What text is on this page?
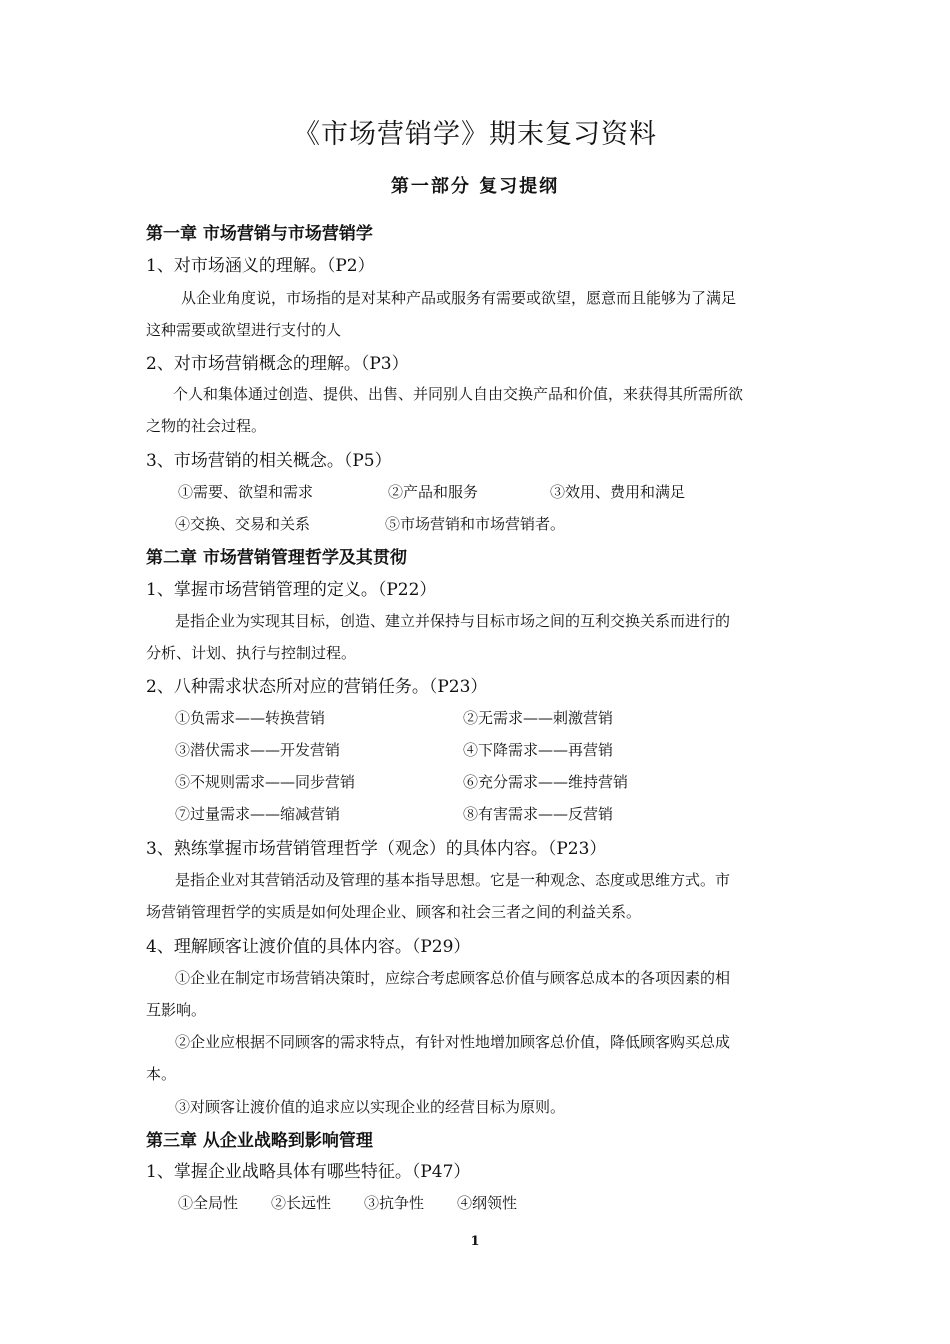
《市场营销学》期末复习资料
第一部分 复习提纲
第一章 市场营销与市场营销学
1、对市场涵义的理解。（P2）
从企业角度说，市场指的是对某种产品或服务有需要或欲望，愿意而且能够为了满足
这种需要或欲望进行支付的人
2、对市场营销概念的理解。（P3）
个人和集体通过创造、提供、出售、并同别人自由交换产品和价值，来获得其所需所欲
之物的社会过程。
3、市场营销的相关概念。（P5）
①需要、欲望和需求	②产品和服务	③效用、费用和满足
④交换、交易和关系	⑤市场营销和市场营销者。
第二章 市场营销管理哲学及其贯彻
1、掌握市场营销管理的定义。（P22）
是指企业为实现其目标，创造、建立并保持与目标市场之间的互利交换关系而进行的
分析、计划、执行与控制过程。
2、八种需求状态所对应的营销任务。（P23）
①负需求——转换营销	②无需求——刺激营销
③潜伏需求——开发营销	④下降需求——再营销
⑤不规则需求——同步营销	⑥充分需求——维持营销
⑦过量需求——缩减营销	⑧有害需求——反营销
3、熟练掌握市场营销管理哲学（观念）的具体内容。（P23）
是指企业对其营销活动及管理的基本指导思想。它是一种观念、态度或思维方式。市
场营销管理哲学的实质是如何处理企业、顾客和社会三者之间的利益关系。
4、理解顾客让渡价值的具体内容。（P29）
①企业在制定市场营销决策时，应综合考虑顾客总价值与顾客总成本的各项因素的相
互影响。
②企业应根据不同顾客的需求特点，有针对性地增加顾客总价值，降低顾客购买总成
本。
③对顾客让渡价值的追求应以实现企业的经营目标为原则。
第三章 从企业战略到影响管理
1、掌握企业战略具体有哪些特征。（P47）
①全局性 ②长远性 ③抗争性 ④纲领性
1
